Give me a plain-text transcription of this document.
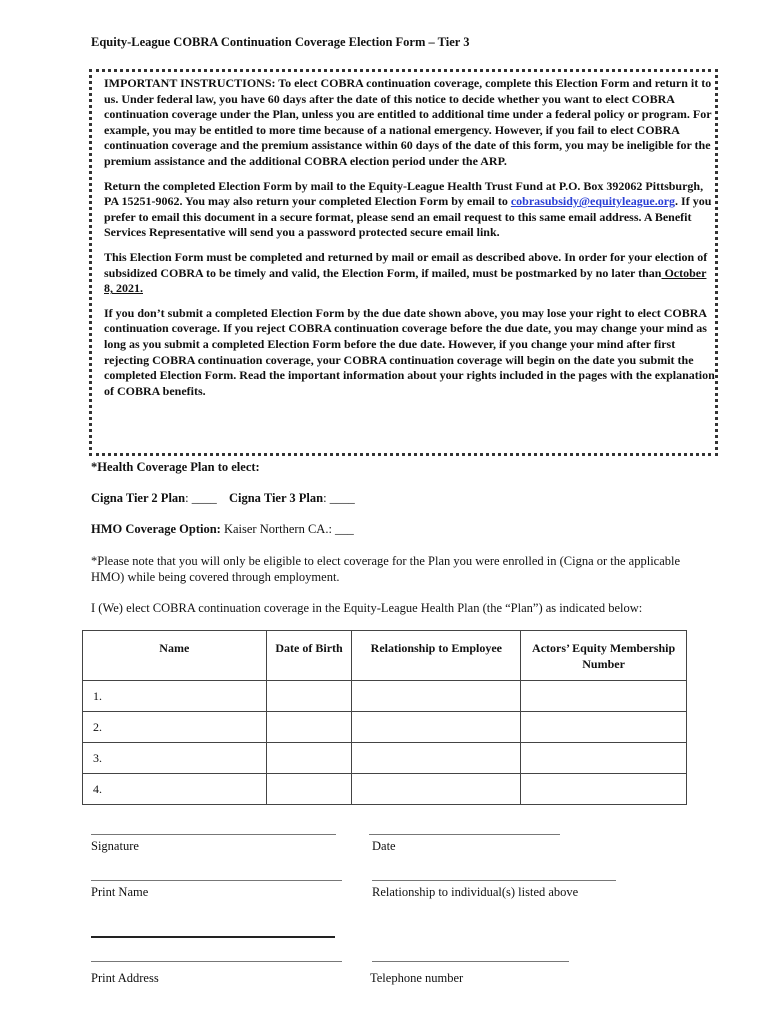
Equity-League COBRA Continuation Coverage Election Form – Tier 3

IMPORTANT INSTRUCTIONS: To elect COBRA continuation coverage, complete this Election Form and return it to us. Under federal law, you have 60 days after the date of this notice to decide whether you want to elect COBRA continuation coverage under the Plan, unless you are entitled to additional time under a federal policy or program. For example, you may be entitled to more time because of a national emergency. However, if you fail to elect COBRA continuation coverage and the premium assistance within 60 days of the date of this form, you may be ineligible for the premium assistance and the additional COBRA election period under the ARP.

Return the completed Election Form by mail to the Equity-League Health Trust Fund at P.O. Box 392062 Pittsburgh, PA 15251-9062. You may also return your completed Election Form by email to cobrasubsidy@equityleague.org. If you prefer to email this document in a secure format, please send an email request to this same email address. A Benefit Services Representative will send you a password protected secure email link.

This Election Form must be completed and returned by mail or email as described above. In order for your election of subsidized COBRA to be timely and valid, the Election Form, if mailed, must be postmarked by no later than October 8, 2021.

If you don’t submit a completed Election Form by the due date shown above, you may lose your right to elect COBRA continuation coverage. If you reject COBRA continuation coverage before the due date, you may change your mind as long as you submit a completed Election Form before the due date. However, if you change your mind after first rejecting COBRA continuation coverage, your COBRA continuation coverage will begin on the date you submit the completed Election Form. Read the important information about your rights included in the pages with the explanation of COBRA benefits.

*Health Coverage Plan to elect:
Cigna Tier 2 Plan: ____ Cigna Tier 3 Plan: ____
HMO Coverage Option: Kaiser Northern CA.: ___
*Please note that you will only be eligible to elect coverage for the Plan you were enrolled in (Cigna or the applicable HMO) while being covered through employment.
I (We) elect COBRA continuation coverage in the Equity-League Health Plan (the “Plan”) as indicated below:
Name	Date of Birth	Relationship to Employee	Actors’ Equity Membership Number
1.			
2.			
3.			
4.			
Signature	Date
Print Name	Relationship to individual(s) listed above
Print Address	Telephone number
